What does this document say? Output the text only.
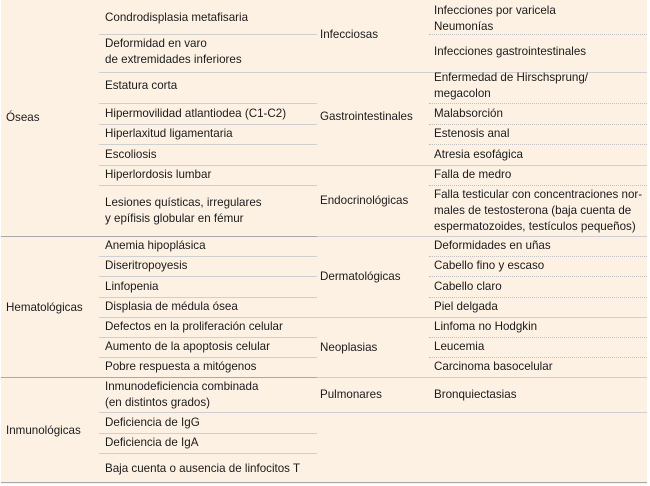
Óseas
Hematológicas
Inmunológicas
Condrodisplasia metafisaria
Deformidad en varo
de extremidades inferiores
Estatura corta
Hipermovilidad atlantiodea (C1-C2)
Hiperlaxitud ligamentaria
Escoliosis
Hiperlordosis lumbar
Lesiones quísticas, irregulares
y epífisis globular en fémur
Anemia hipoplásica
Diseritropoyesis
Linfopenia
Displasia de médula ósea
Defectos en la proliferación celular
Aumento de la apoptosis celular
Pobre respuesta a mitógenos
Inmunodeficiencia combinada
(en distintos grados)
Deficiencia de IgG
Deficiencia de IgA
Baja cuenta o ausencia de linfocitos T
Infecciosas
Gastrointestinales
Endocrinológicas
Dermatológicas
Neoplasias
Pulmonares
Infecciones por varicela
Neumonías
Infecciones gastrointestinales
Enfermedad de Hirschsprung/
megacolon
Malabsorción
Estenosis anal
Atresia esofágica
Falla de medro
Falla testicular con concentraciones nor-
males de testosterona (baja cuenta de
espermatozoides, testículos pequeños)
Deformidades en uñas
Cabello fino y escaso
Cabello claro
Piel delgada
Linfoma no Hodgkin
Leucemia
Carcinoma basocelular
Bronquiectasias
